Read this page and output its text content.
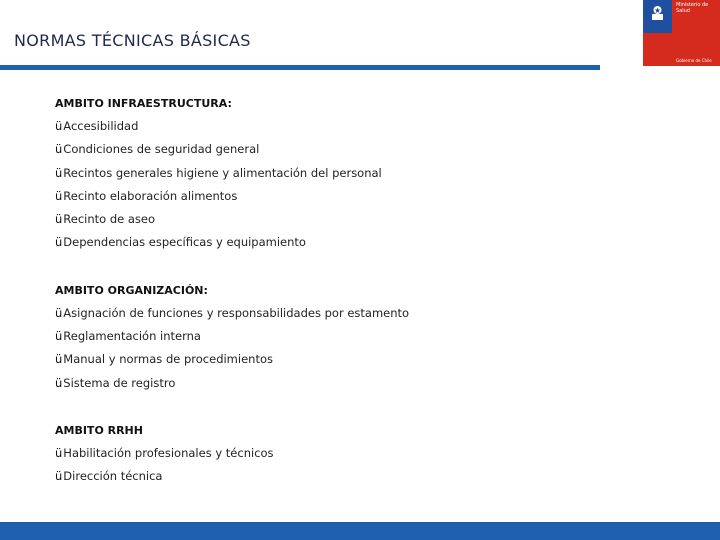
NORMAS TÉCNICAS BÁSICAS
Ministerio de Salud
Gobierno de Chile
AMBITO INFRAESTRUCTURA:
üAccesibilidad
üCondiciones de seguridad general
üRecintos generales higiene y alimentación del personal
üRecinto elaboración alimentos
üRecinto de aseo
üDependencias específicas y equipamiento
AMBITO ORGANIZACIÓN:
üAsignación de funciones y responsabilidades por estamento
üReglamentación interna
üManual y normas de procedimientos
üSistema de registro
AMBITO RRHH
üHabilitación profesionales y técnicos
üDirección técnica
